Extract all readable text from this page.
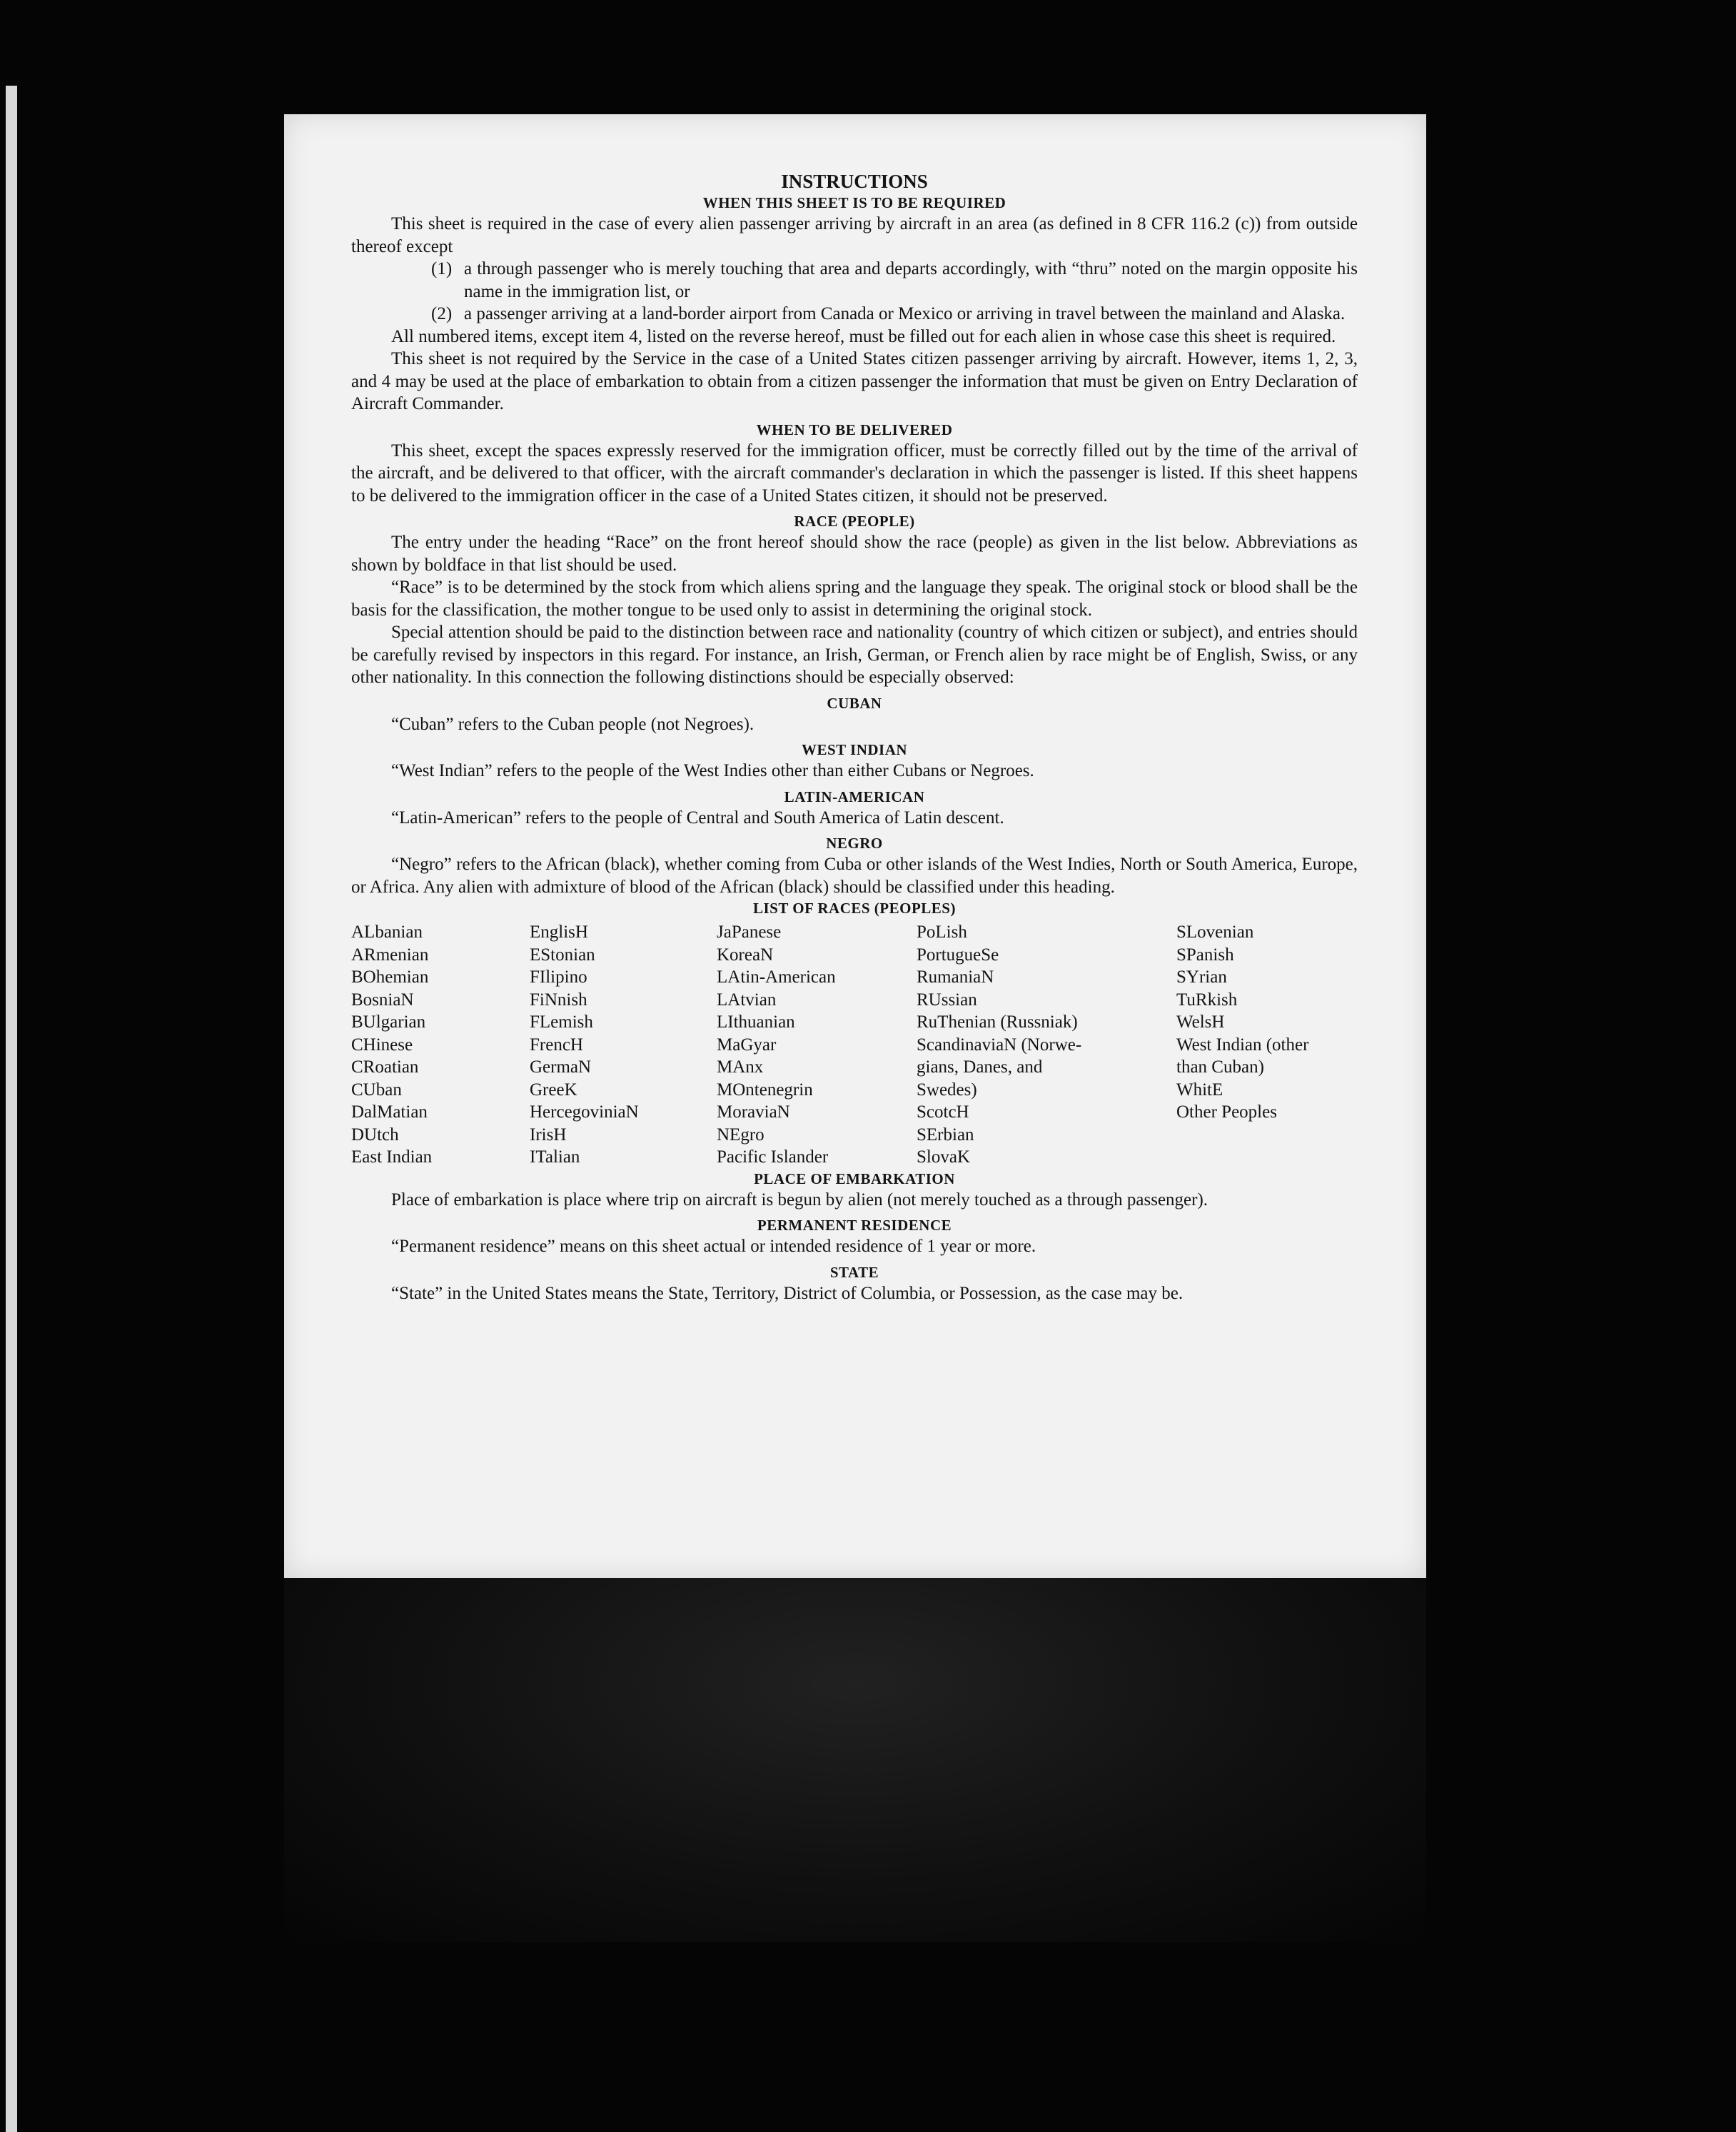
INSTRUCTIONS
WHEN THIS SHEET IS TO BE REQUIRED

This sheet is required in the case of every alien passenger arriving by aircraft in an area (as defined in 8 CFR 116.2 (c)) from outside thereof except

(1) a through passenger who is merely touching that area and departs accordingly, with “thru” noted on the margin opposite his name in the immigration list, or
(2) a passenger arriving at a land-border airport from Canada or Mexico or arriving in travel between the mainland and Alaska.

All numbered items, except item 4, listed on the reverse hereof, must be filled out for each alien in whose case this sheet is required.

This sheet is not required by the Service in the case of a United States citizen passenger arriving by aircraft. However, items 1, 2, 3, and 4 may be used at the place of embarkation to obtain from a citizen passenger the information that must be given on Entry Declaration of Aircraft Commander.

WHEN TO BE DELIVERED

This sheet, except the spaces expressly reserved for the immigration officer, must be correctly filled out by the time of the arrival of the aircraft, and be delivered to that officer, with the aircraft commander's declaration in which the passenger is listed. If this sheet happens to be delivered to the immigration officer in the case of a United States citizen, it should not be preserved.

RACE (PEOPLE)

The entry under the heading “Race” on the front hereof should show the race (people) as given in the list below. Abbreviations as shown by boldface in that list should be used.

“Race” is to be determined by the stock from which aliens spring and the language they speak. The original stock or blood shall be the basis for the classification, the mother tongue to be used only to assist in determining the original stock.

Special attention should be paid to the distinction between race and nationality (country of which citizen or subject), and entries should be carefully revised by inspectors in this regard. For instance, an Irish, German, or French alien by race might be of English, Swiss, or any other nationality. In this connection the following distinctions should be especially observed:

CUBAN

“Cuban” refers to the Cuban people (not Negroes).

WEST INDIAN

“West Indian” refers to the people of the West Indies other than either Cubans or Negroes.

LATIN-AMERICAN

“Latin-American” refers to the people of Central and South America of Latin descent.

NEGRO

“Negro” refers to the African (black), whether coming from Cuba or other islands of the West Indies, North or South America, Europe, or Africa. Any alien with admixture of blood of the African (black) should be classified under this heading.

LIST OF RACES (PEOPLES)
ALbanian
ARmenian
BOhemian
BosniaN
BUlgarian
CHinese
CRoatian
CUban
DalMatian
DUtch
East Indian
EnglisH
EStonian
FIlipino
FiNnish
FLemish
FrencH
GermaN
GreeK
HercegoviniaN
IrisH
ITalian
JaPanese
KoreaN
LAtin-American
LAtvian
LIthuanian
MaGyar
MAnx
MOntenegrin
MoraviaN
NEgro
Pacific Islander
PoLish
PortugueSe
RumaniaN
RUssian
RuThenian (Russniak)
ScandinaviaN (Norwe-
gians, Danes, and
Swedes)
ScotcH
SErbian
SlovaK
SLovenian
SPanish
SYrian
TuRkish
WelsH
West Indian (other
than Cuban)
WhitE
Other Peoples
PLACE OF EMBARKATION

Place of embarkation is place where trip on aircraft is begun by alien (not merely touched as a through passenger).

PERMANENT RESIDENCE

“Permanent residence” means on this sheet actual or intended residence of 1 year or more.

STATE

“State” in the United States means the State, Territory, District of Columbia, or Possession, as the case may be.
